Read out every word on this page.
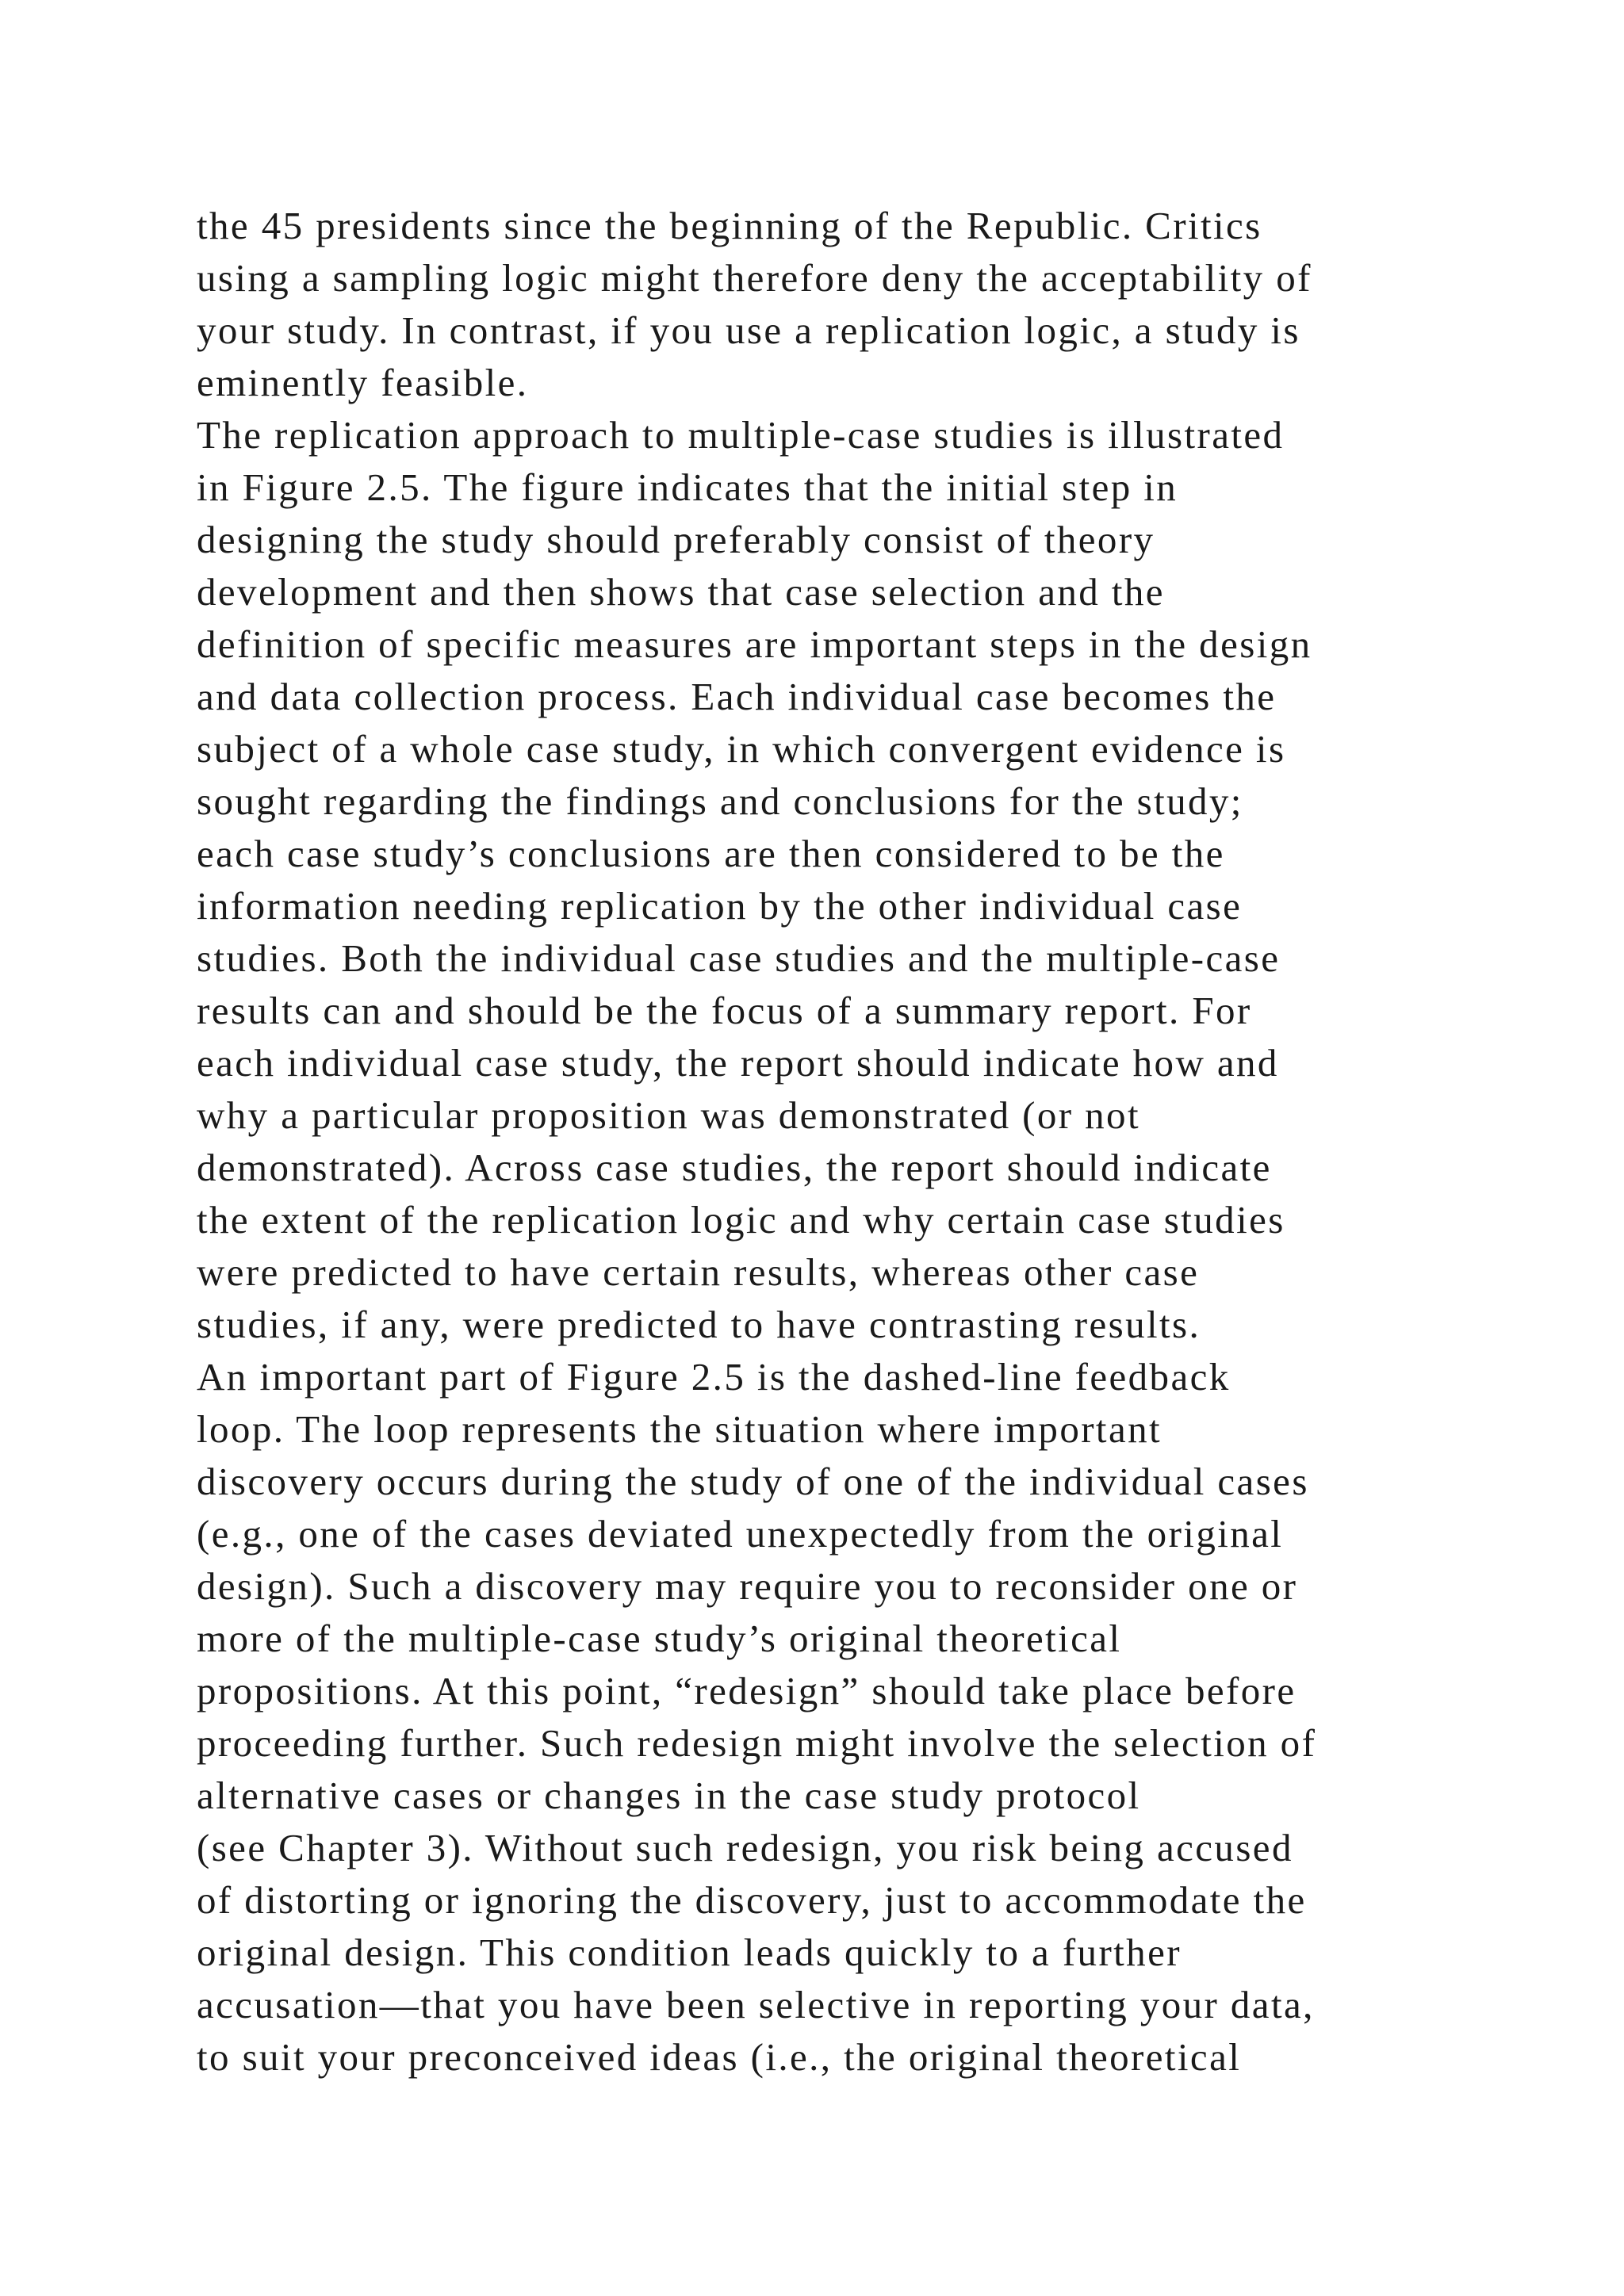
the 45 presidents since the beginning of the Republic. Critics
using a sampling logic might therefore deny the acceptability of
your study. In contrast, if you use a replication logic, a study is
eminently feasible.
The replication approach to multiple-case studies is illustrated
in Figure 2.5. The figure indicates that the initial step in
designing the study should preferably consist of theory
development and then shows that case selection and the
definition of specific measures are important steps in the design
and data collection process. Each individual case becomes the
subject of a whole case study, in which convergent evidence is
sought regarding the findings and conclusions for the study;
each case study’s conclusions are then considered to be the
information needing replication by the other individual case
studies. Both the individual case studies and the multiple-case
results can and should be the focus of a summary report. For
each individual case study, the report should indicate how and
why a particular proposition was demonstrated (or not
demonstrated). Across case studies, the report should indicate
the extent of the replication logic and why certain case studies
were predicted to have certain results, whereas other case
studies, if any, were predicted to have contrasting results.
An important part of Figure 2.5 is the dashed-line feedback
loop. The loop represents the situation where important
discovery occurs during the study of one of the individual cases
(e.g., one of the cases deviated unexpectedly from the original
design). Such a discovery may require you to reconsider one or
more of the multiple-case study’s original theoretical
propositions. At this point, “redesign” should take place before
proceeding further. Such redesign might involve the selection of
alternative cases or changes in the case study protocol
(see Chapter 3). Without such redesign, you risk being accused
of distorting or ignoring the discovery, just to accommodate the
original design. This condition leads quickly to a further
accusation—that you have been selective in reporting your data,
to suit your preconceived ideas (i.e., the original theoretical
